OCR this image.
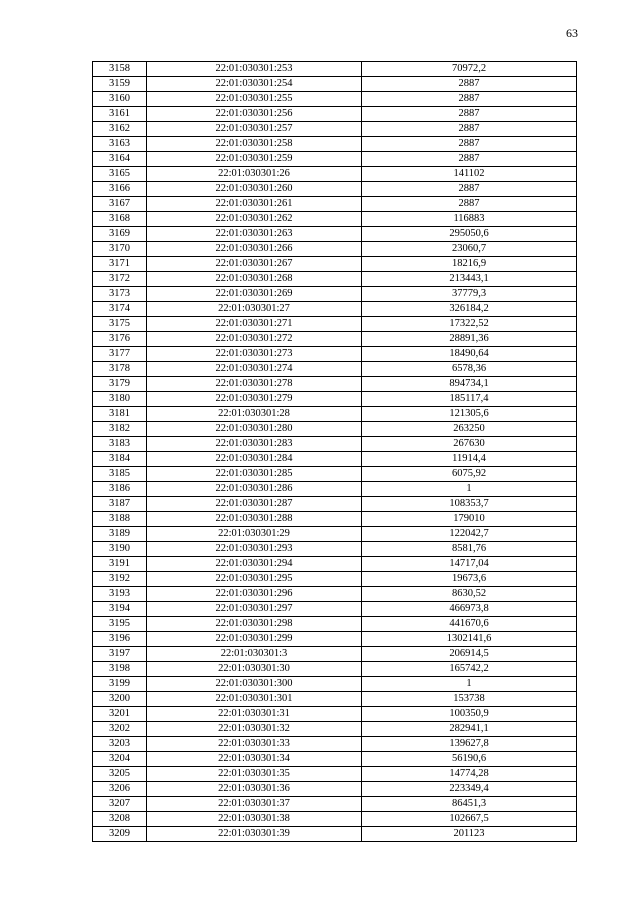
63
3158	22:01:030301:253	70972,2
3159	22:01:030301:254	2887
3160	22:01:030301:255	2887
3161	22:01:030301:256	2887
3162	22:01:030301:257	2887
3163	22:01:030301:258	2887
3164	22:01:030301:259	2887
3165	22:01:030301:26	141102
3166	22:01:030301:260	2887
3167	22:01:030301:261	2887
3168	22:01:030301:262	116883
3169	22:01:030301:263	295050,6
3170	22:01:030301:266	23060,7
3171	22:01:030301:267	18216,9
3172	22:01:030301:268	213443,1
3173	22:01:030301:269	37779,3
3174	22:01:030301:27	326184,2
3175	22:01:030301:271	17322,52
3176	22:01:030301:272	28891,36
3177	22:01:030301:273	18490,64
3178	22:01:030301:274	6578,36
3179	22:01:030301:278	894734,1
3180	22:01:030301:279	185117,4
3181	22:01:030301:28	121305,6
3182	22:01:030301:280	263250
3183	22:01:030301:283	267630
3184	22:01:030301:284	11914,4
3185	22:01:030301:285	6075,92
3186	22:01:030301:286	1
3187	22:01:030301:287	108353,7
3188	22:01:030301:288	179010
3189	22:01:030301:29	122042,7
3190	22:01:030301:293	8581,76
3191	22:01:030301:294	14717,04
3192	22:01:030301:295	19673,6
3193	22:01:030301:296	8630,52
3194	22:01:030301:297	466973,8
3195	22:01:030301:298	441670,6
3196	22:01:030301:299	1302141,6
3197	22:01:030301:3	206914,5
3198	22:01:030301:30	165742,2
3199	22:01:030301:300	1
3200	22:01:030301:301	153738
3201	22:01:030301:31	100350,9
3202	22:01:030301:32	282941,1
3203	22:01:030301:33	139627,8
3204	22:01:030301:34	56190,6
3205	22:01:030301:35	14774,28
3206	22:01:030301:36	223349,4
3207	22:01:030301:37	86451,3
3208	22:01:030301:38	102667,5
3209	22:01:030301:39	201123
